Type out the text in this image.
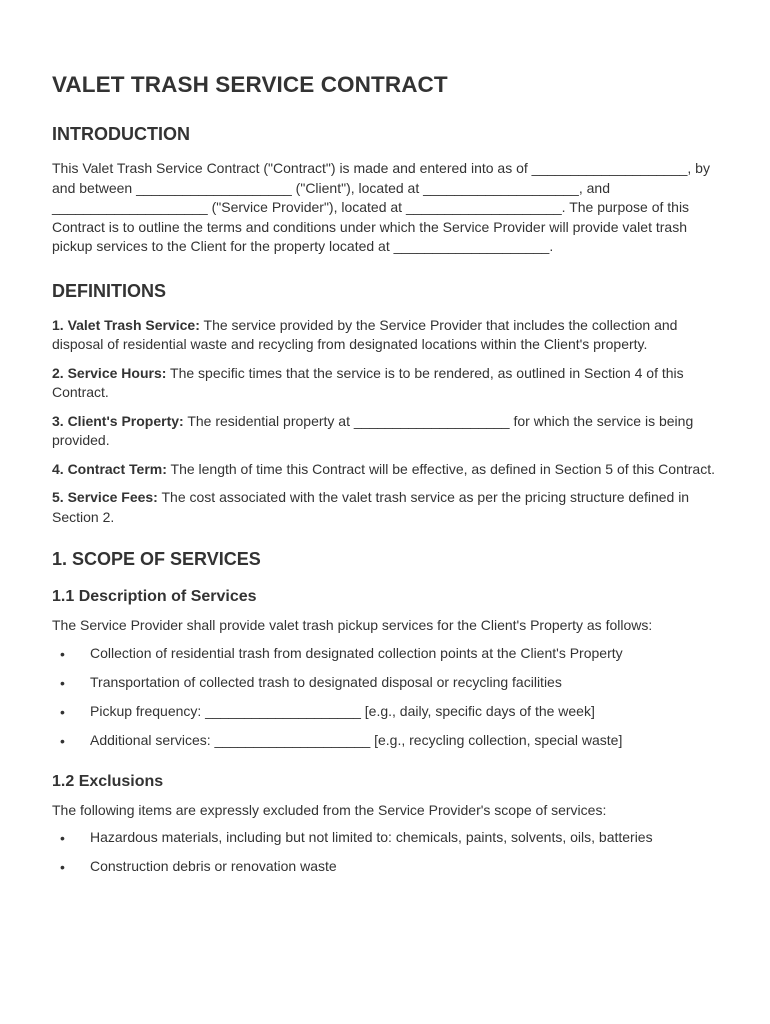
VALET TRASH SERVICE CONTRACT
INTRODUCTION

This Valet Trash Service Contract ("Contract") is made and entered into as of ____________________, by and between ____________________ ("Client"), located at ____________________, and ____________________ ("Service Provider"), located at ____________________. The purpose of this Contract is to outline the terms and conditions under which the Service Provider will provide valet trash pickup services to the Client for the property located at ____________________.

DEFINITIONS

1. Valet Trash Service: The service provided by the Service Provider that includes the collection and disposal of residential waste and recycling from designated locations within the Client's property.

2. Service Hours: The specific times that the service is to be rendered, as outlined in Section 4 of this Contract.

3. Client's Property: The residential property at ____________________ for which the service is being provided.

4. Contract Term: The length of time this Contract will be effective, as defined in Section 5 of this Contract.

5. Service Fees: The cost associated with the valet trash service as per the pricing structure defined in Section 2.

1. SCOPE OF SERVICES
1.1 Description of Services

The Service Provider shall provide valet trash pickup services for the Client's Property as follows:

• Collection of residential trash from designated collection points at the Client's Property
• Transportation of collected trash to designated disposal or recycling facilities
• Pickup frequency: ____________________ [e.g., daily, specific days of the week]
• Additional services: ____________________ [e.g., recycling collection, special waste]
1.2 Exclusions

The following items are expressly excluded from the Service Provider's scope of services:

• Hazardous materials, including but not limited to: chemicals, paints, solvents, oils, batteries
• Construction debris or renovation waste
